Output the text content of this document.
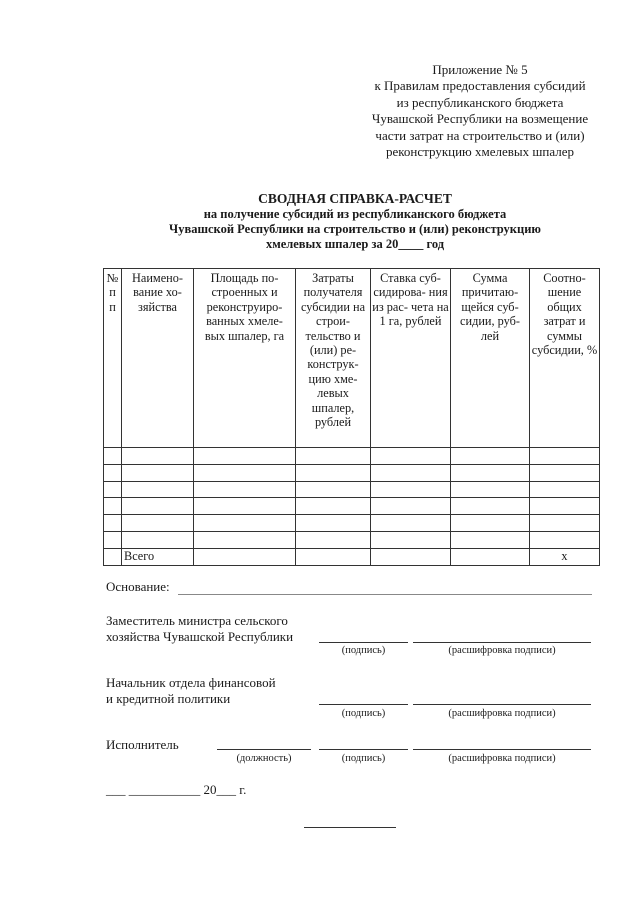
Приложение № 5
к Правилам предоставления субсидий
из республиканского бюджета
Чувашской Республики на возмещение
части затрат на строительство и (или)
реконструкцию хмелевых шпалер
СВОДНАЯ СПРАВКА-РАСЧЕТ
на получение субсидий из республиканского бюджета
Чувашской Республики на строительство и (или) реконструкцию
хмелевых шпалер за 20____ год
№ п п	Наимено- вание хо- зяйства	Площадь по- строенных и реконструиро- ванных хмеле- вых шпалер, га	Затраты получателя субсидии на строи- тельство и (или) ре- конструк- цию хме- левых шпалер, рублей	Ставка суб- сидирова- ния из рас- чета на 1 га, рублей	Сумма причитаю- щейся суб- сидии, руб- лей	Соотно- шение общих затрат и суммы субсидии, %

	Всего					х
Основание:
Заместитель министра сельского
хозяйства Чувашской Республики
(подпись)	(расшифровка подписи)
Начальник отдела финансовой
и кредитной политики
(подпись)	(расшифровка подписи)
Исполнитель
(должность)	(подпись)	(расшифровка подписи)
___ ___________ 20___ г.
